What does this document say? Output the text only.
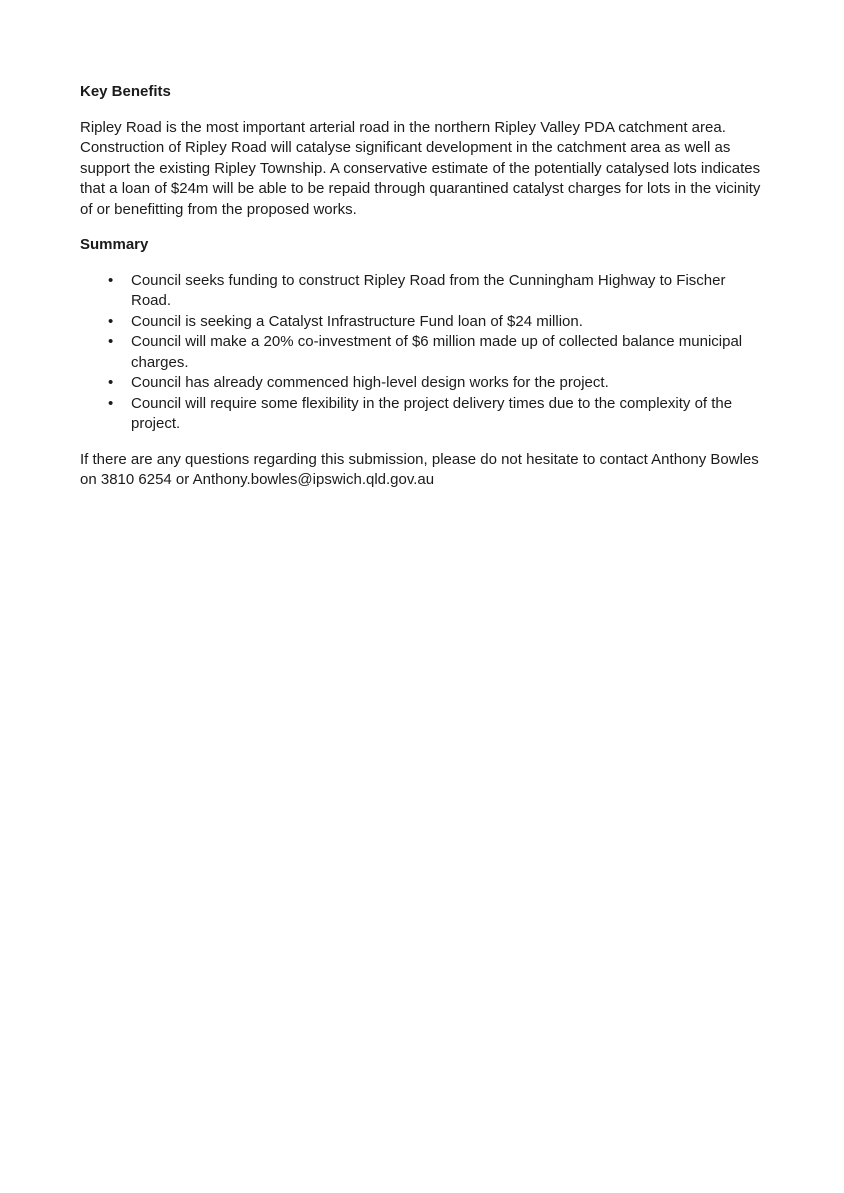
Key Benefits

Ripley Road is the most important arterial road in the northern Ripley Valley PDA catchment area. Construction of Ripley Road will catalyse significant development in the catchment area as well as support the existing Ripley Township. A conservative estimate of the potentially catalysed lots indicates that a loan of $24m will be able to be repaid through quarantined catalyst charges for lots in the vicinity of or benefitting from the proposed works.

Summary
• Council seeks funding to construct Ripley Road from the Cunningham Highway to Fischer Road.
• Council is seeking a Catalyst Infrastructure Fund loan of $24 million.
• Council will make a 20% co-investment of $6 million made up of collected balance municipal charges.
• Council has already commenced high-level design works for the project.
• Council will require some flexibility in the project delivery times due to the complexity of the project.

If there are any questions regarding this submission, please do not hesitate to contact Anthony Bowles on 3810 6254 or Anthony.bowles@ipswich.qld.gov.au
